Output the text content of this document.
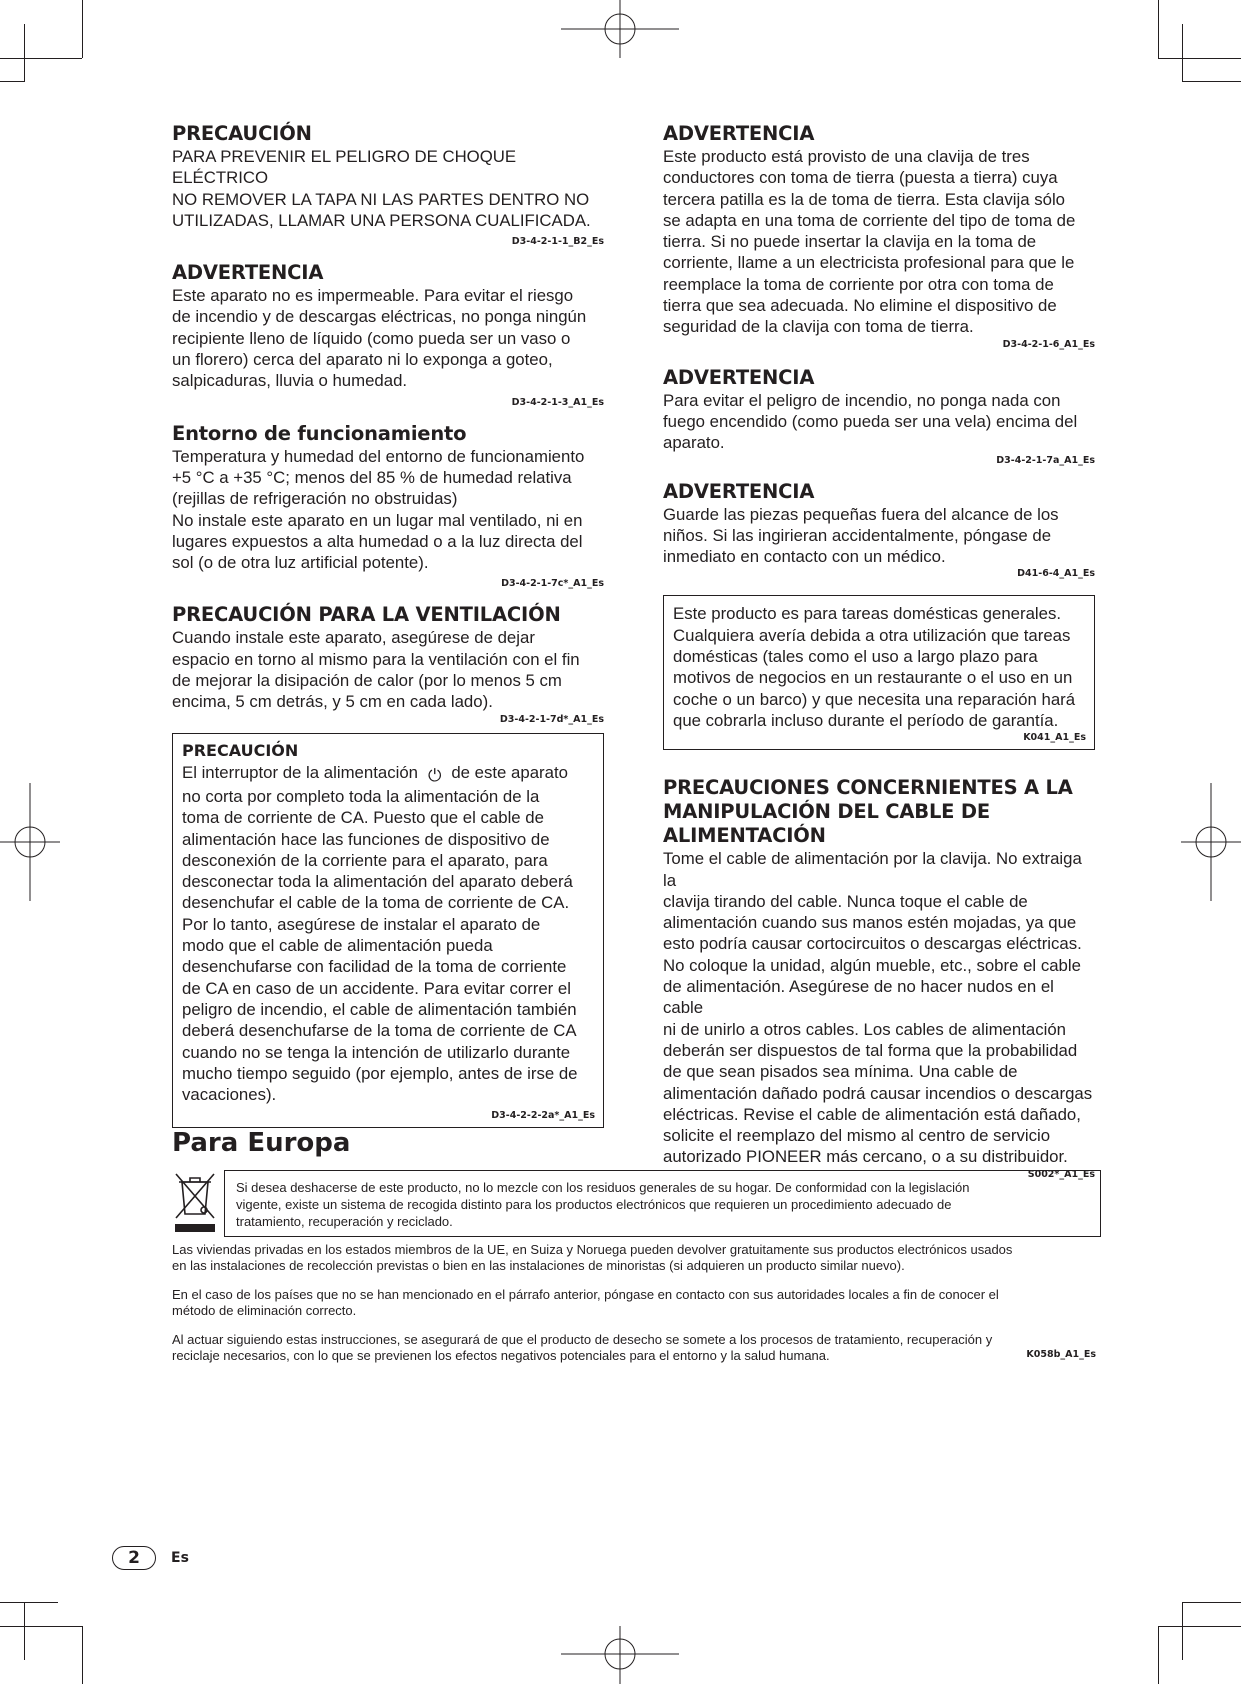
PRECAUCIÓN

PARA PREVENIR EL PELIGRO DE CHOQUE ELÉCTRICO

NO REMOVER LA TAPA NI LAS PARTES DENTRO NO

UTILIZADAS, LLAMAR UNA PERSONA CUALIFICADA.

D3-4-2-1-1_B2_Es
ADVERTENCIA

Este aparato no es impermeable. Para evitar el riesgo

de incendio y de descargas eléctricas, no ponga ningún

recipiente lleno de líquido (como pueda ser un vaso o

un florero) cerca del aparato ni lo exponga a goteo,

salpicaduras, lluvia o humedad.

D3-4-2-1-3_A1_Es
Entorno de funcionamiento

Temperatura y humedad del entorno de funcionamiento

+5 °C a +35 °C; menos del 85 % de humedad relativa

(rejillas de refrigeración no obstruidas)

No instale este aparato en un lugar mal ventilado, ni en

lugares expuestos a alta humedad o a la luz directa del

sol (o de otra luz artificial potente).

D3-4-2-1-7c*_A1_Es
PRECAUCIÓN PARA LA VENTILACIÓN

Cuando instale este aparato, asegúrese de dejar

espacio en torno al mismo para la ventilación con el fin

de mejorar la disipación de calor (por lo menos 5 cm

encima, 5 cm detrás, y 5 cm en cada lado).

D3-4-2-1-7d*_A1_Es
PRECAUCIÓN

El interruptor de la alimentación ⏻ de este aparato

no corta por completo toda la alimentación de la

toma de corriente de CA. Puesto que el cable de

alimentación hace las funciones de dispositivo de

desconexión de la corriente para el aparato, para

desconectar toda la alimentación del aparato deberá

desenchufar el cable de la toma de corriente de CA.

Por lo tanto, asegúrese de instalar el aparato de

modo que el cable de alimentación pueda

desenchufarse con facilidad de la toma de corriente

de CA en caso de un accidente. Para evitar correr el

peligro de incendio, el cable de alimentación también

deberá desenchufarse de la toma de corriente de CA

cuando no se tenga la intención de utilizarlo durante

mucho tiempo seguido (por ejemplo, antes de irse de

vacaciones).

D3-4-2-2-2a*_A1_Es
ADVERTENCIA

Este producto está provisto de una clavija de tres

conductores con toma de tierra (puesta a tierra) cuya

tercera patilla es la de toma de tierra. Esta clavija sólo

se adapta en una toma de corriente del tipo de toma de

tierra. Si no puede insertar la clavija en la toma de

corriente, llame a un electricista profesional para que le

reemplace la toma de corriente por otra con toma de

tierra que sea adecuada. No elimine el dispositivo de

seguridad de la clavija con toma de tierra.

D3-4-2-1-6_A1_Es
ADVERTENCIA

Para evitar el peligro de incendio, no ponga nada con

fuego encendido (como pueda ser una vela) encima del

aparato.

D3-4-2-1-7a_A1_Es
ADVERTENCIA

Guarde las piezas pequeñas fuera del alcance de los

niños. Si las ingirieran accidentalmente, póngase de

inmediato en contacto con un médico.

D41-6-4_A1_Es

Este producto es para tareas domésticas generales.

Cualquiera avería debida a otra utilización que tareas

domésticas (tales como el uso a largo plazo para

motivos de negocios en un restaurante o el uso en un

coche o un barco) y que necesita una reparación hará

que cobrarla incluso durante el período de garantía.

K041_A1_Es
PRECAUCIONES CONCERNIENTES A LA
MANIPULACIÓN DEL CABLE DE
ALIMENTACIÓN

Tome el cable de alimentación por la clavija. No extraiga la

clavija tirando del cable. Nunca toque el cable de

alimentación cuando sus manos estén mojadas, ya que

esto podría causar cortocircuitos o descargas eléctricas.

No coloque la unidad, algún mueble, etc., sobre el cable

de alimentación. Asegúrese de no hacer nudos en el cable

ni de unirlo a otros cables. Los cables de alimentación

deberán ser dispuestos de tal forma que la probabilidad

de que sean pisados sea mínima. Una cable de

alimentación dañado podrá causar incendios o descargas

eléctricas. Revise el cable de alimentación está dañado,

solicite el reemplazo del mismo al centro de servicio

autorizado PIONEER más cercano, o a su distribuidor.

S002*_A1_Es
Para Europa
Si desea deshacerse de este producto, no lo mezcle con los residuos generales de su hogar. De conformidad con la legislación
vigente, existe un sistema de recogida distinto para los productos electrónicos que requieren un procedimiento adecuado de
tratamiento, recuperación y reciclado.

Las viviendas privadas en los estados miembros de la UE, en Suiza y Noruega pueden devolver gratuitamente sus productos electrónicos usados

en las instalaciones de recolección previstas o bien en las instalaciones de minoristas (si adquieren un producto similar nuevo).

En el caso de los países que no se han mencionado en el párrafo anterior, póngase en contacto con sus autoridades locales a fin de conocer el

método de eliminación correcto.

Al actuar siguiendo estas instrucciones, se asegurará de que el producto de desecho se somete a los procesos de tratamiento, recuperación y

reciclaje necesarios, con lo que se previenen los efectos negativos potenciales para el entorno y la salud humana.	K058b_A1_Es
2	Es
